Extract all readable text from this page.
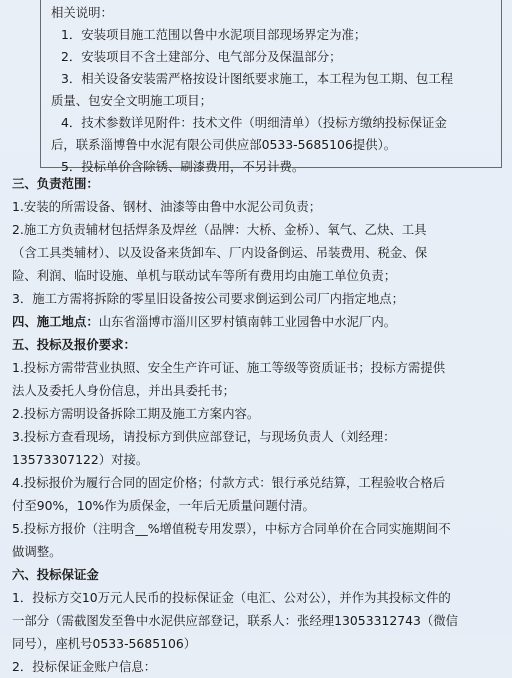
相关说明：
1．安装项目施工范围以鲁中水泥项目部现场界定为准；
2．安装项目不含土建部分、电气部分及保温部分；
3．相关设备安装需严格按设计图纸要求施工，本工程为包工期、包工程
质量、包安全文明施工项目；
4．技术参数详见附件：技术文件（明细清单）（投标方缴纳投标保证金
后，联系淄博鲁中水泥有限公司供应部0533-5685106提供）。
5．投标单价含除锈、刷漆费用，不另计费。
三、负责范围：
1.安装的所需设备、钢材、油漆等由鲁中水泥公司负责；
2.施工方负责辅材包括焊条及焊丝（品牌：大桥、金桥）、氧气、乙炔、工具
（含工具类辅材）、以及设备来货卸车、厂内设备倒运、吊装费用、税金、保
险、利润、临时设施、单机与联动试车等所有费用均由施工单位负责；
3．施工方需将拆除的零星旧设备按公司要求倒运到公司厂内指定地点；
四、施工地点：山东省淄博市淄川区罗村镇南韩工业园鲁中水泥厂内。
五、投标及报价要求：
1.投标方需带营业执照、安全生产许可证、施工等级等资质证书；投标方需提供
法人及委托人身份信息，并出具委托书；
2.投标方需明设备拆除工期及施工方案内容。
3.投标方查看现场，请投标方到供应部登记，与现场负责人（刘经理：
13573307122）对接。
4.投标报价为履行合同的固定价格；付款方式：银行承兑结算，工程验收合格后
付至90%，10%作为质保金，一年后无质量问题付清。
5.投标方报价（注明含__%增值税专用发票），中标方合同单价在合同实施期间不
做调整。
六、投标保证金
1．投标方交10万元人民币的投标保证金（电汇、公对公），并作为其投标文件的
一部分（需截图发至鲁中水泥供应部登记，联系人：张经理13053312743（微信
同号），座机号0533-5685106）
2．投标保证金账户信息：
